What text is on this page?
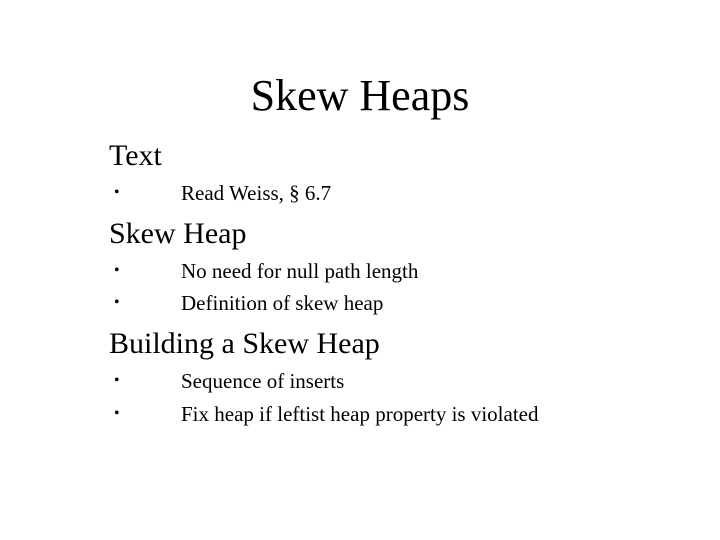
Skew Heaps
Text
•	Read Weiss, § 6.7
Skew Heap
•	No need for null path length
•	Definition of skew heap
Building a Skew Heap
•	Sequence of inserts
•	Fix heap if leftist heap property is violated
